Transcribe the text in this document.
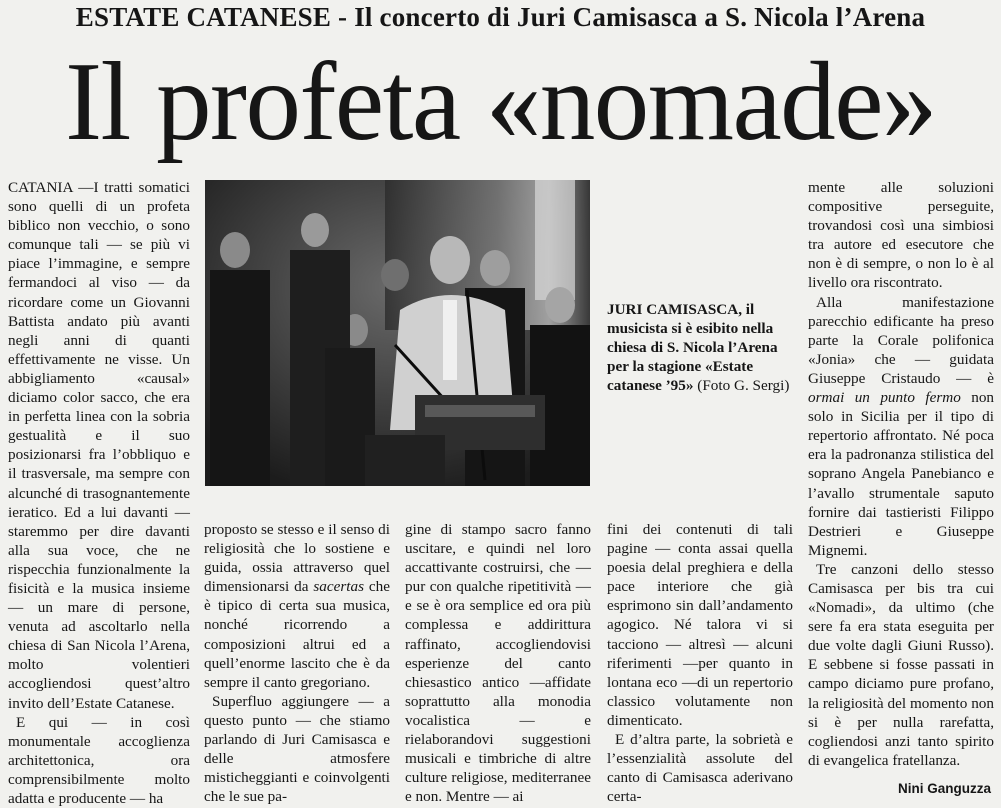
ESTATE CATANESE - Il concerto di Juri Camisasca a S. Nicola l’Arena
Il profeta «nomade»

CATANIA —I tratti somatici sono quelli di un profeta biblico non vecchio, o sono comunque tali — se più vi piace l’immagine, e sempre fermandoci al viso — da ricordare come un Giovanni Battista andato più avanti negli anni di quanti effettivamente ne visse. Un abbigliamento «causal» diciamo color sacco, che era in perfetta linea con la sobria gestualità e il suo posizionarsi fra l’obbliquo e il trasversale, ma sempre con alcunché di trasognantemente ieratico. Ed a lui davanti — staremmo per dire davanti alla sua voce, che ne rispecchia funzionalmente la fisicità e la musica insieme — un mare di persone, venuta ad ascoltarlo nella chiesa di San Nicola l’Arena, molto volentieri accogliendosi quest’altro invito dell’Estate Catanese.

E qui — in così monumentale accoglienza architettonica, ora comprensibilmente molto adatta e producente — ha

JURI CAMISASCA, il musicista si è esibito nella chiesa di S. Nicola l’Arena per la stagione «Estate catanese ’95» (Foto G. Sergi)

proposto se stesso e il senso di religiosità che lo sostiene e guida, ossia attraverso quel dimensionarsi da sacertas che è tipico di certa sua musica, nonché ricorrendo a composizioni altrui ed a quell’enorme lascito che è da sempre il canto gregoriano.

Superfluo aggiungere — a questo punto — che stiamo parlando di Juri Camisasca e delle atmosfere misticheggianti e coinvolgenti che le sue pa-

gine di stampo sacro fanno uscitare, e quindi nel loro accattivante costruirsi, che —pur con qualche ripetitività — e se è ora semplice ed ora più complessa e addirittura raffinato, accogliendovisi esperienze del canto chiesastico antico —affidate soprattutto alla monodia vocalistica — e rielaborandovi suggestioni musicali e timbriche di altre culture religiose, mediterranee e non. Mentre — ai

fini dei contenuti di tali pagine — conta assai quella poesia delal preghiera e della pace interiore che già esprimono sin dall’andamento agogico. Né talora vi si tacciono — altresì — alcuni riferimenti —per quanto in lontana eco —di un repertorio classico volutamente non dimenticato.

E d’altra parte, la sobrietà e l’essenzialità assolute del canto di Camisasca aderivano certa-

mente alle soluzioni compositive perseguite, trovandosi così una simbiosi tra autore ed esecutore che non è di sempre, o non lo è al livello ora riscontrato.

Alla manifestazione parecchio edificante ha preso parte la Corale polifonica «Jonia» che — guidata Giuseppe Cristaudo — è ormai un punto fermo non solo in Sicilia per il tipo di repertorio affrontato. Né poca era la padronanza stilistica del soprano Angela Panebianco e l’avallo strumentale saputo fornire dai tastieristi Filippo Destrieri e Giuseppe Mignemi.

Tre canzoni dello stesso Camisasca per bis tra cui «Nomadi», da ultimo (che sere fa era stata eseguita per due volte dagli Giuni Russo). E sebbene si fosse passati in campo diciamo pure profano, la religiosità del momento non si è per nulla rarefatta, cogliendosi anzi tanto spirito di evangelica fratellanza.

Nini Ganguzza
